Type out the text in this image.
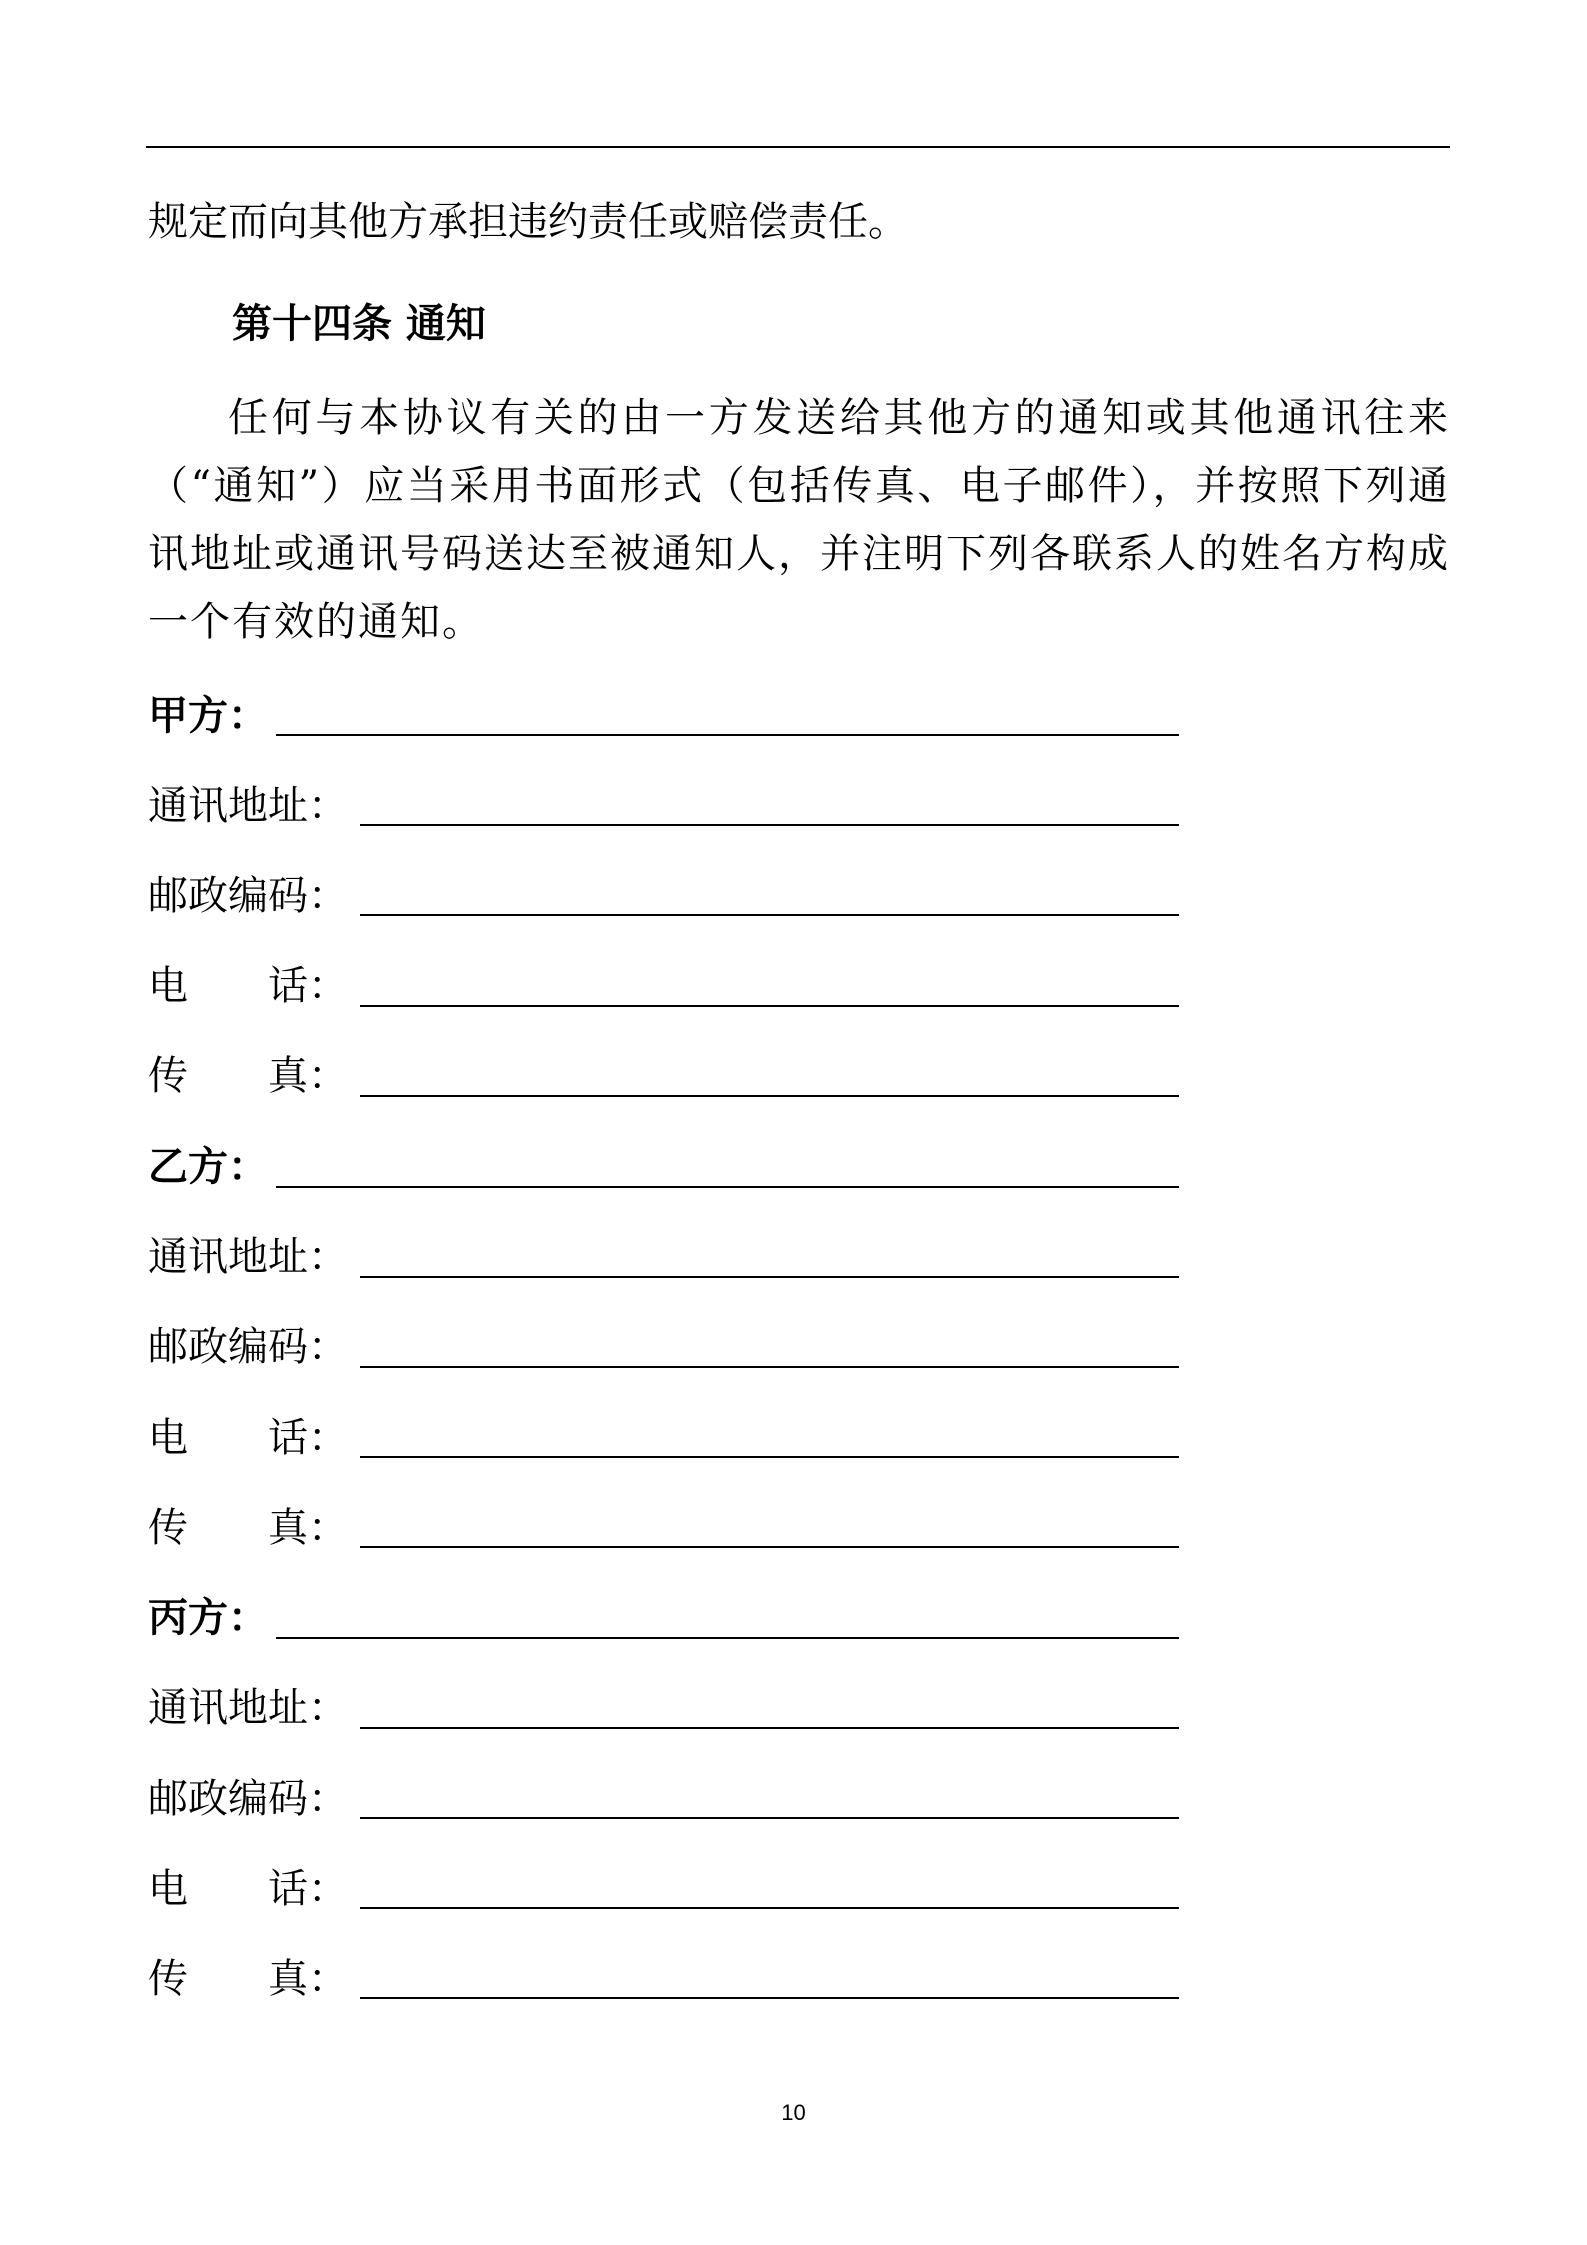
规定而向其他方承担违约责任或赔偿责任。
第十四条 通知
任何与本协议有关的由一方发送给其他方的通知或其他通讯往来（“通知”）应当采用书面形式（包括传真、电子邮件），并按照下列通讯地址或通讯号码送达至被通知人，并注明下列各联系人的姓名方构成一个有效的通知。
甲方：
通讯地址：
邮政编码：
电　　话：
传　　真：
乙方：
通讯地址：
邮政编码：
电　　话：
传　　真：
丙方：
通讯地址：
邮政编码：
电　　话：
传　　真：
10
